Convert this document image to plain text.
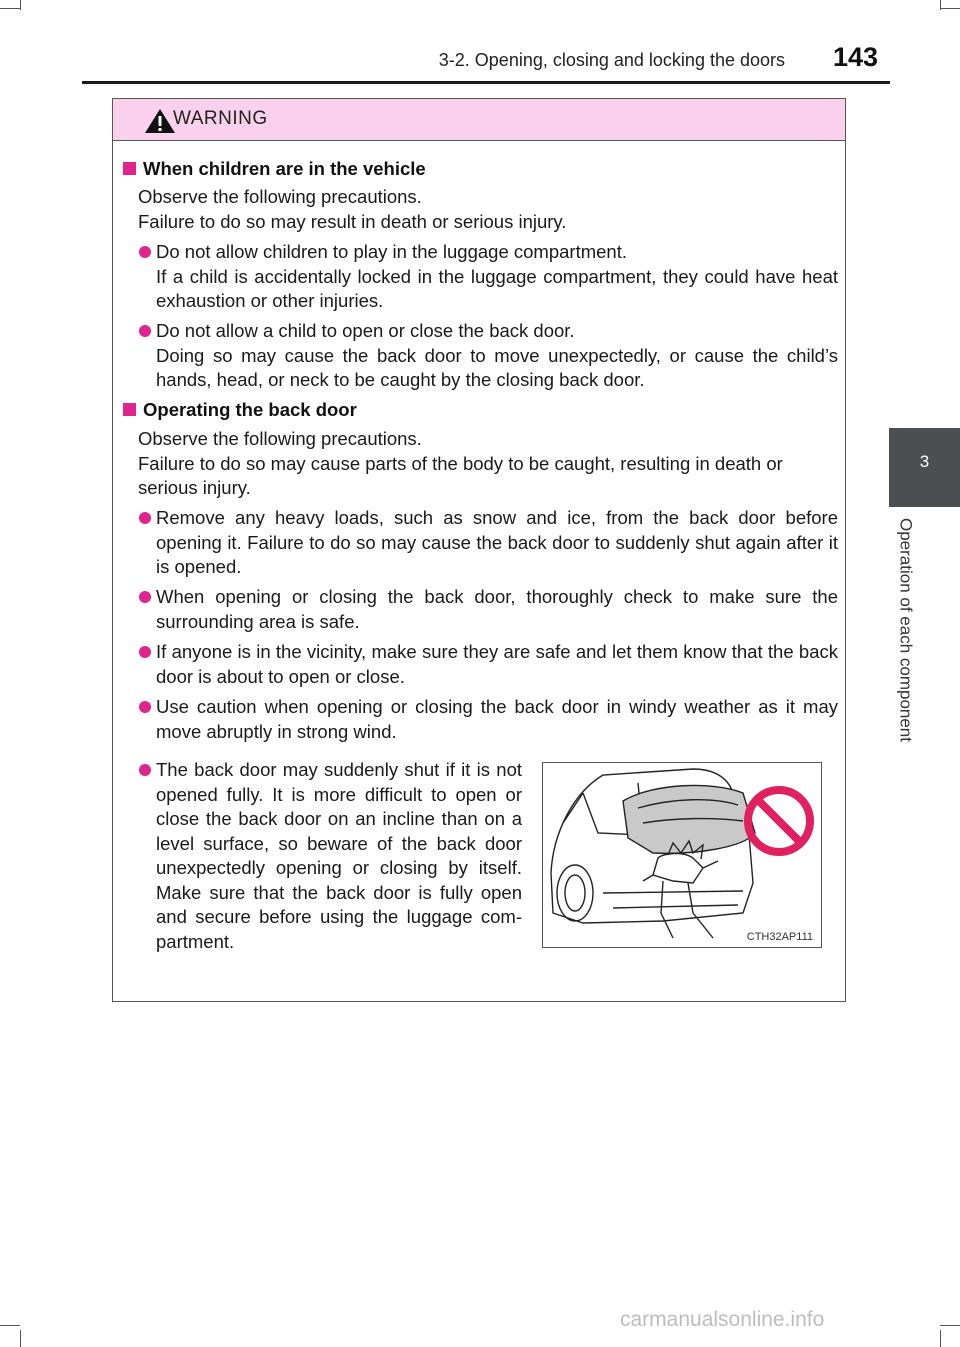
3-2. Opening, closing and locking the doors	143
3
Operation of each component
WARNING
When children are in the vehicle

Observe the following precautions.

Failure to do so may result in death or serious injury.

Do not allow children to play in the luggage compartment.

If a child is accidentally locked in the luggage compartment, they could have heat exhaustion or other injuries.

Do not allow a child to open or close the back door.

Doing so may cause the back door to move unexpectedly, or cause the child’s hands, head, or neck to be caught by the closing back door.

Operating the back door

Observe the following precautions.

Failure to do so may cause parts of the body to be caught, resulting in death or serious injury.

Remove any heavy loads, such as snow and ice, from the back door before opening it. Failure to do so may cause the back door to suddenly shut again after it is opened.

When opening or closing the back door, thoroughly check to make sure the surrounding area is safe.

If anyone is in the vicinity, make sure they are safe and let them know that the back door is about to open or close.

Use caution when opening or closing the back door in windy weather as it may move abruptly in strong wind.

The back door may suddenly shut if it is not opened fully. It is more difficult to open or close the back door on an incline than on a level surface, so beware of the back door unexpectedly opening or closing by itself. Make sure that the back door is fully open and secure before using the luggage com-partment.	CTH32AP111
carmanualsonline.info
